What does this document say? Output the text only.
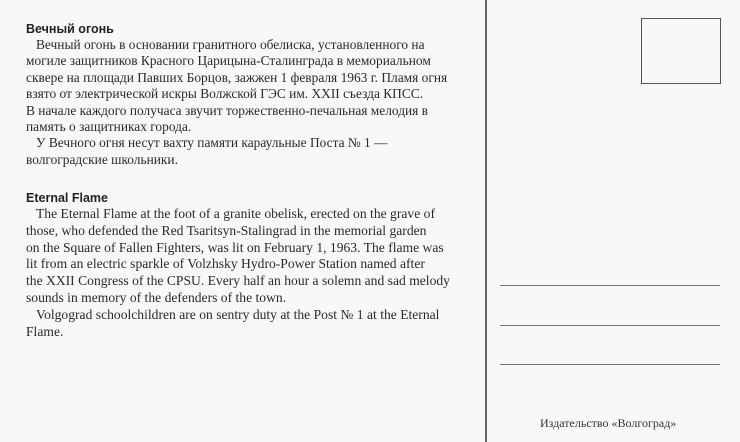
Вечный огонь

Вечный огонь в основании гранитного обелиска, установленного на
могиле защитников Красного Царицына-Сталинграда в мемориальном
сквере на площади Павших Борцов, зажжен 1 февраля 1963 г. Пламя огня
взято от электрической искры Волжской ГЭС им. XXII съезда КПСС.
В начале каждого получаса звучит торжественно-печальная мелодия в
память о защитниках города.

У Вечного огня несут вахту памяти караульные Поста № 1 —
волгоградские школьники.

Eternal Flame

The Eternal Flame at the foot of a granite obelisk, erected on the grave of
those, who defended the Red Tsaritsyn-Stalingrad in the memorial garden
on the Square of Fallen Fighters, was lit on February 1, 1963. The flame was
lit from an electric sparkle of Volzhsky Hydro-Power Station named after
the XXII Congress of the CPSU. Every half an hour a solemn and sad melody
sounds in memory of the defenders of the town.

Volgograd schoolchildren are on sentry duty at the Post № 1 at the Eternal
Flame.

Издательство «Волгоград»
